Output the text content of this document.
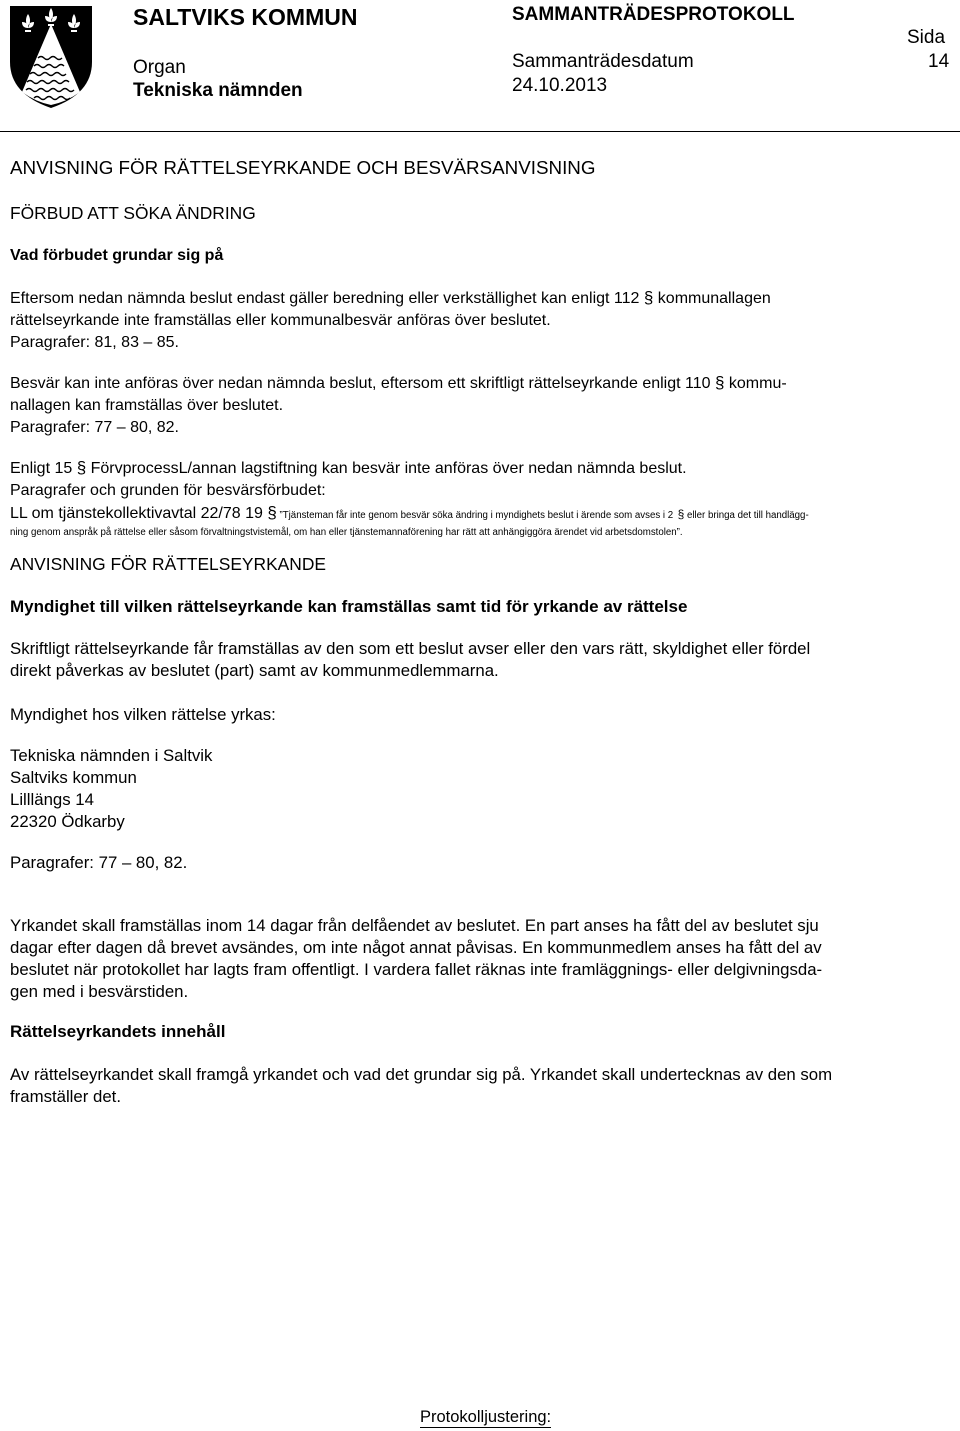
SALTVIKS KOMMUN	SAMMANTRÄDESPROTOKOLL
Sida
Organ	Sammanträdesdatum	14
Tekniska nämnden	24.10.2013
ANVISNING FÖR RÄTTELSEYRKANDE OCH BESVÄRSANVISNING
FÖRBUD ATT SÖKA ÄNDRING
Vad förbudet grundar sig på
Eftersom nedan nämnda beslut endast gäller beredning eller verkställighet kan enligt 112 § kommunallagen
rättelseyrkande inte framställas eller kommunalbesvär anföras över beslutet.
Paragrafer: 81, 83 – 85.
Besvär kan inte anföras över nedan nämnda beslut, eftersom ett skriftligt rättelseyrkande enligt 110 § kommu-
nallagen kan framställas över beslutet.
Paragrafer: 77 – 80, 82.
Enligt 15 § FörvprocessL/annan lagstiftning kan besvär inte anföras över nedan nämnda beslut.
Paragrafer och grunden för besvärsförbudet:
LL om tjänstekollektivavtal 22/78 19 § ”Tjänsteman får inte genom besvär söka ändring i myndighets beslut i ärende som avses i 2 § eller bringa det till handlägg-
ning genom anspråk på rättelse eller såsom förvaltningstvistemål, om han eller tjänstemannaförening har rätt att anhängiggöra ärendet vid arbetsdomstolen”.
ANVISNING FÖR RÄTTELSEYRKANDE
Myndighet till vilken rättelseyrkande kan framställas samt tid för yrkande av rättelse
Skriftligt rättelseyrkande får framställas av den som ett beslut avser eller den vars rätt, skyldighet eller fördel
direkt påverkas av beslutet (part) samt av kommunmedlemmarna.
Myndighet hos vilken rättelse yrkas:
Tekniska nämnden i Saltvik
Saltviks kommun
Lilllängs 14
22320 Ödkarby
Paragrafer: 77 – 80, 82.
Yrkandet skall framställas inom 14 dagar från delfåendet av beslutet. En part anses ha fått del av beslutet sju
dagar efter dagen då brevet avsändes, om inte något annat påvisas. En kommunmedlem anses ha fått del av
beslutet när protokollet har lagts fram offentligt. I vardera fallet räknas inte framläggnings- eller delgivningsda-
gen med i besvärstiden.
Rättelseyrkandets innehåll
Av rättelseyrkandet skall framgå yrkandet och vad det grundar sig på. Yrkandet skall undertecknas av den som
framställer det.
Protokolljustering:
